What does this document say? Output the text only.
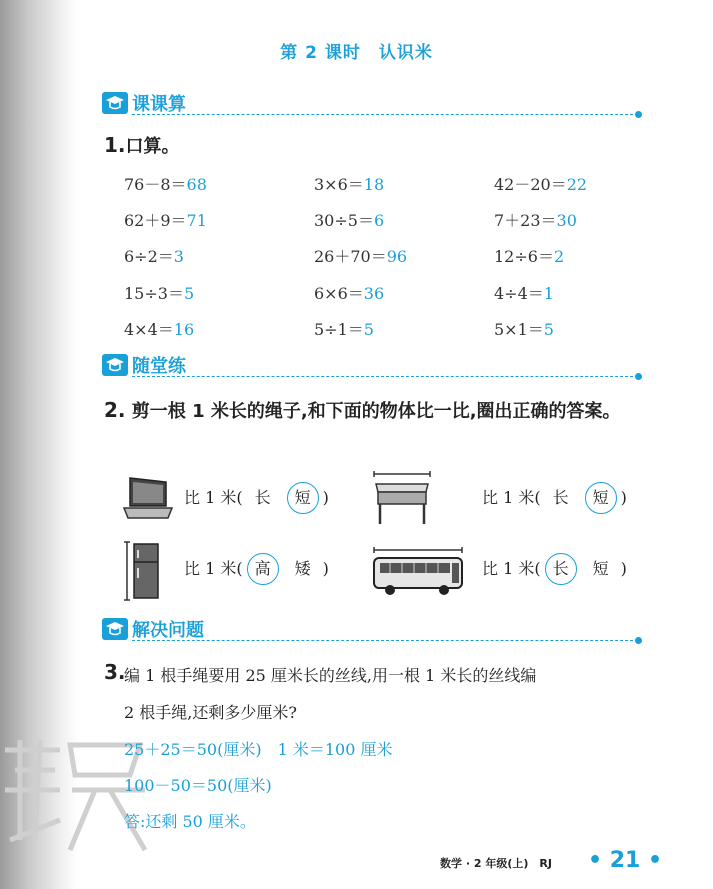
第 2 课时　认识米
课课算
1.口算。
76－8＝68	3×6＝18	42－20＝22
62＋9＝71	30÷5＝6	7＋23＝30
6÷2＝3	26＋70＝96	12÷6＝2
15÷3＝5	6×6＝36	4÷4＝1
4×4＝16	5÷1＝5	5×1＝5
随堂练
2. 剪一根 1 米长的绳子,和下面的物体比一比,圈出正确的答案。
比 1 米( 长 短 )	比 1 米( 长 短 )
比 1 米( 高 矮 )	比 1 米( 长 短 )
解决问题
3.
编 1 根手绳要用 25 厘米长的丝线,用一根 1 米长的丝线编
2 根手绳,还剩多少厘米?
25＋25＝50(厘米)　1 米＝100 厘米
100－50＝50(厘米)
答:还剩 50 厘米。
数学 · 2 年级(上)　RJ • 21 •
